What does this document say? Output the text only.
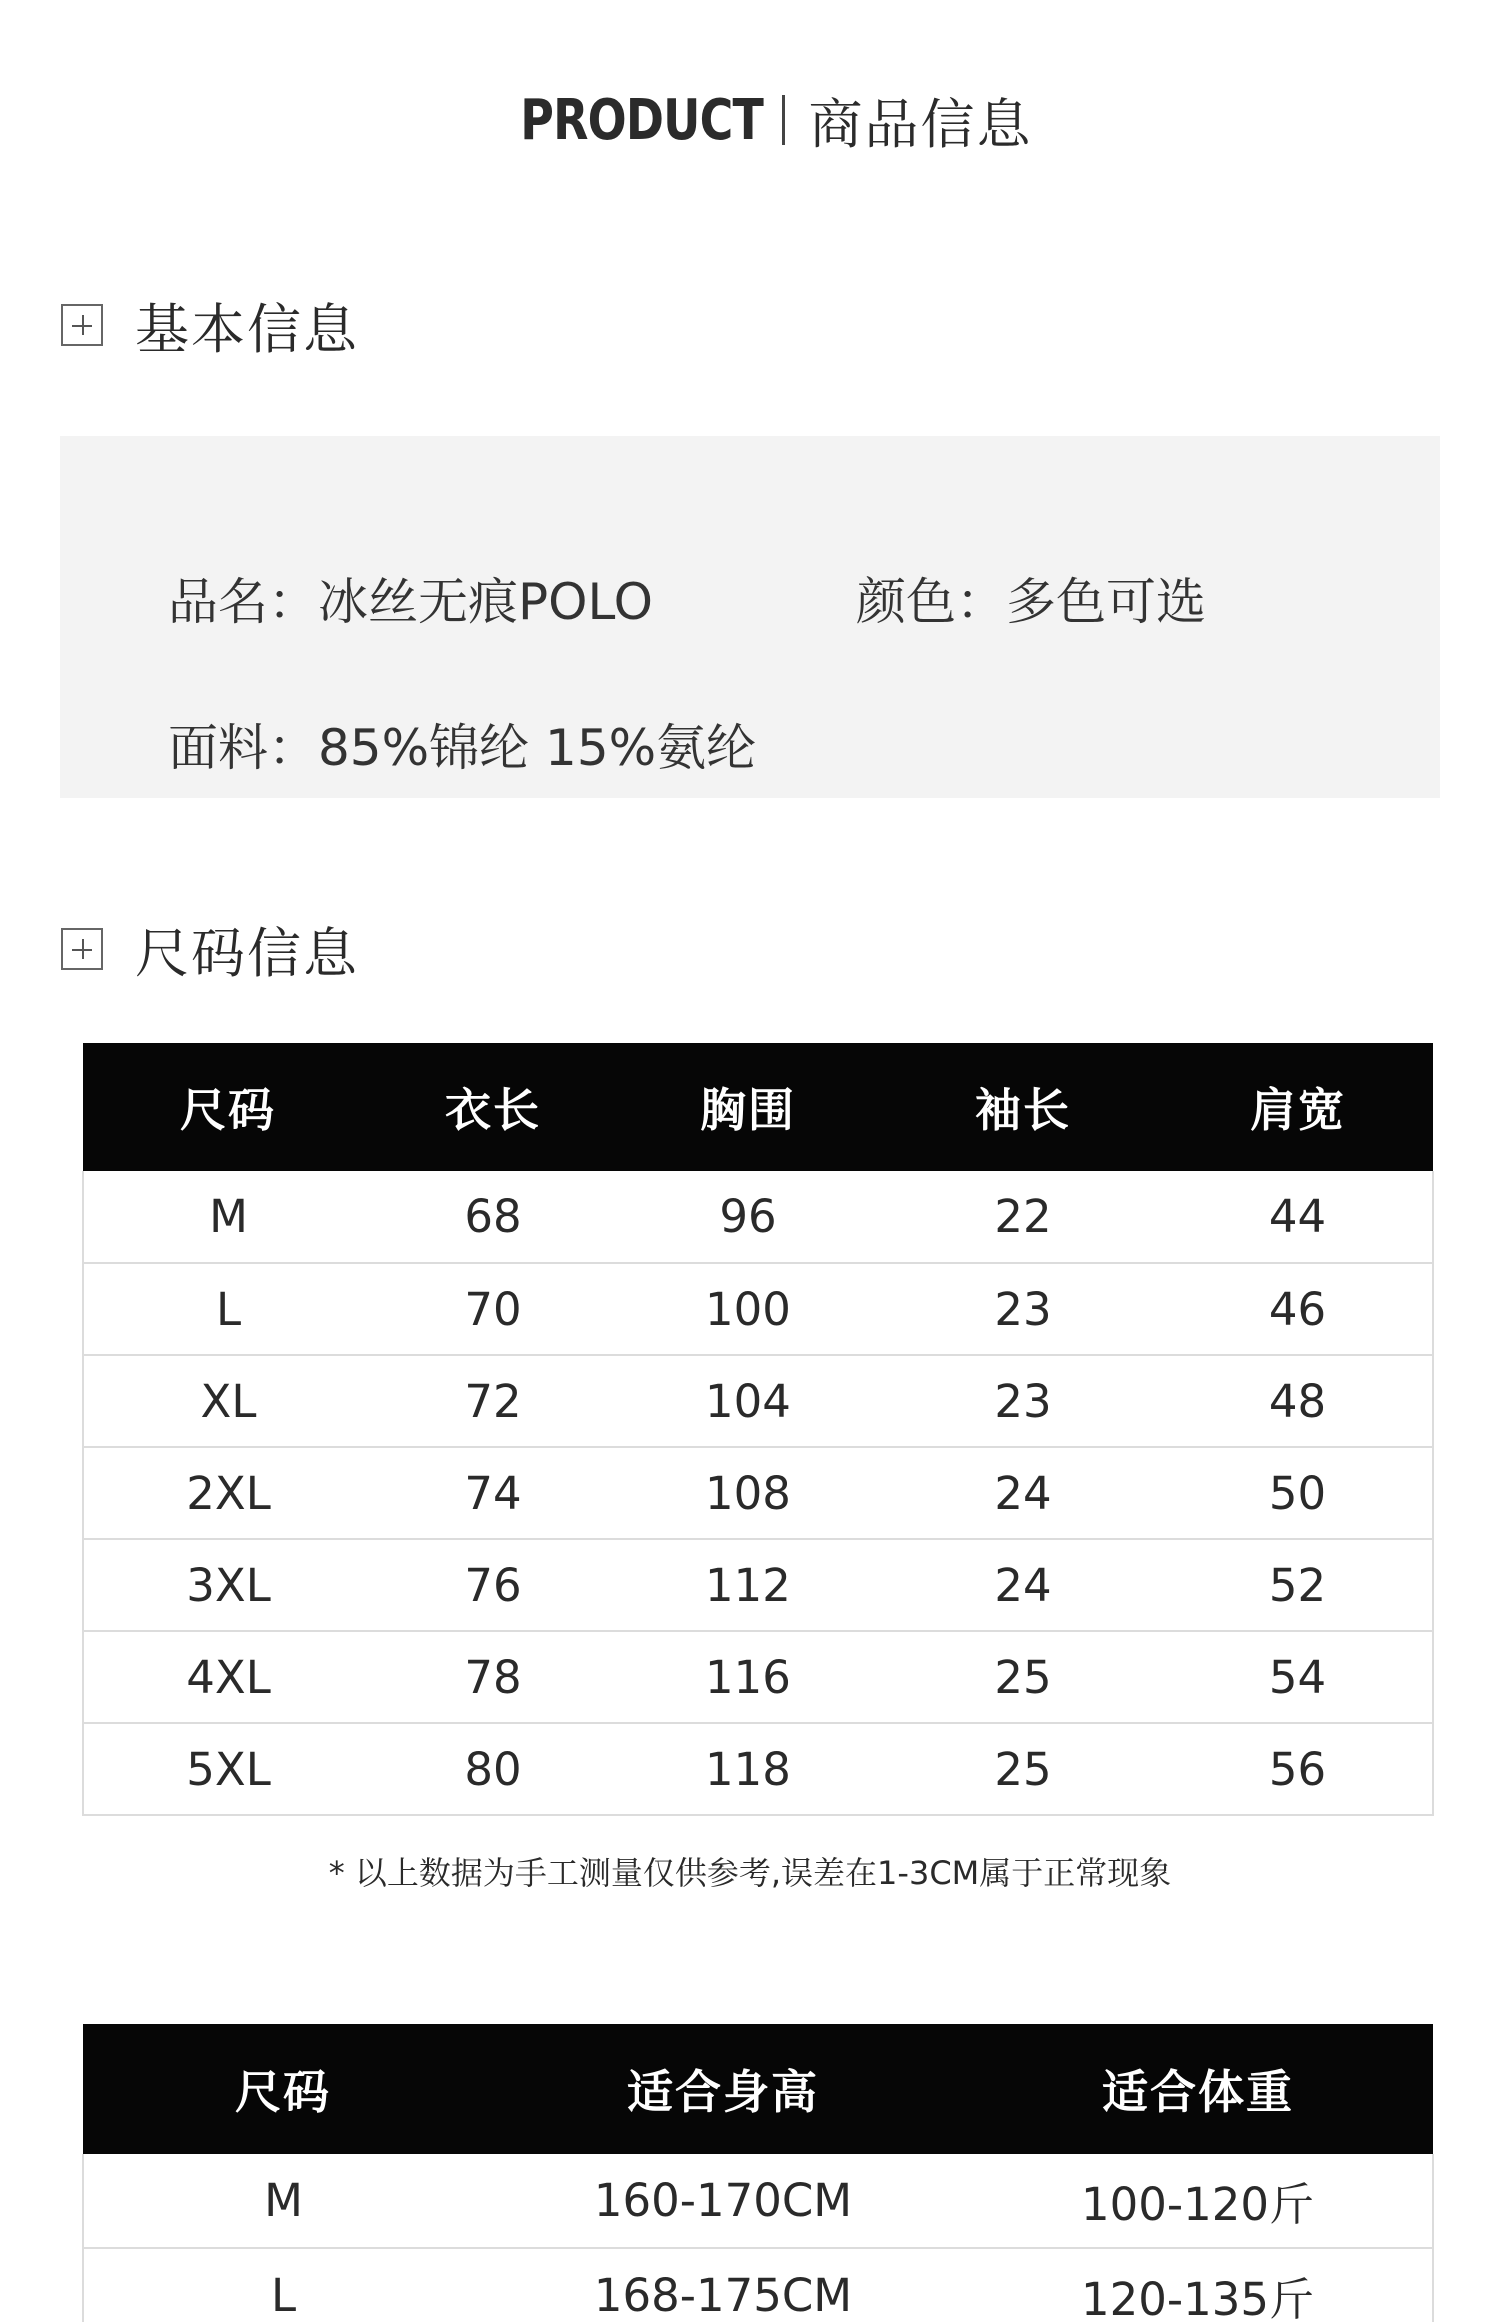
PRODUCT 商品信息
基本信息
品名：冰丝无痕POLO	颜色：多色可选
面料：85%锦纶 15%氨纶
尺码信息
尺码	衣长	胸围	袖长	肩宽
M	68	96	22	44
L	70	100	23	46
XL	72	104	23	48
2XL	74	108	24	50
3XL	76	112	24	52
4XL	78	116	25	54
5XL	80	118	25	56
* 以上数据为手工测量仅供参考,误差在1-3CM属于正常现象
尺码	适合身高	适合体重
M	160-170CM	100-120斤
L	168-175CM	120-135斤
